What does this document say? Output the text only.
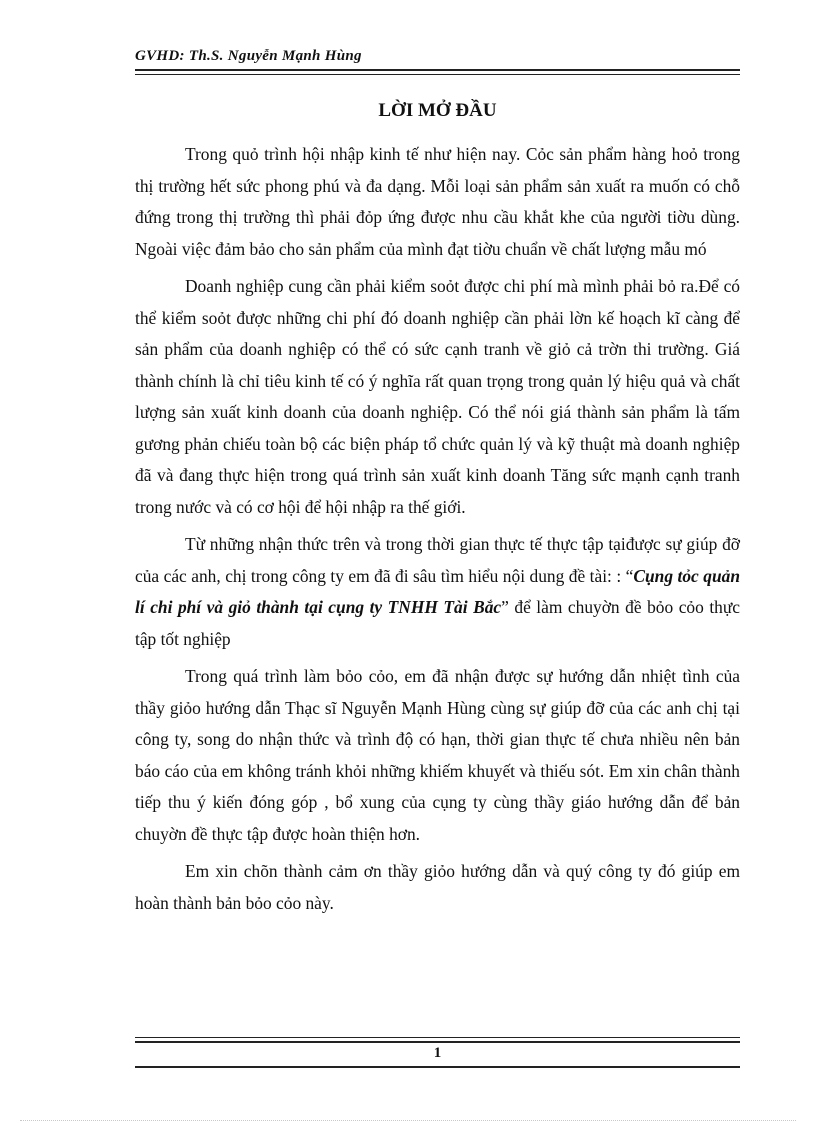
GVHD: Th.S. Nguyễn Mạnh Hùng
LỜI MỞ ĐẦU

Trong quỏ trình hội nhập kinh tế như hiện nay. Cỏc sản phẩm hàng hoỏ trong thị trường hết sức phong phú và đa dạng. Mỗi loại sản phẩm sản xuất ra muốn có chỗ đứng trong thị trường thì phải đỏp ứng được nhu cầu khắt khe của người tiờu dùng. Ngoài việc đảm bảo cho sản phẩm của mình đạt tiờu chuẩn về chất lượng mẫu mó

Doanh nghiệp cung cần phải kiểm soỏt được chi phí mà mình phải bỏ ra.Để có thể kiểm soỏt được những chi phí đó doanh nghiệp cần phải lờn kế hoạch kĩ càng để sản phẩm của doanh nghiệp có thể có sức cạnh tranh về giỏ cả trờn thi trường. Giá thành chính là chỉ tiêu kinh tế có ý nghĩa rất quan trọng trong quản lý hiệu quả và chất lượng sản xuất kinh doanh của doanh nghiệp. Có thể nói giá thành sản phẩm là tấm gương phản chiếu toàn bộ các biện pháp tổ chức quản lý và kỹ thuật mà doanh nghiệp đã và đang thực hiện trong quá trình sản xuất kinh doanh Tăng sức mạnh cạnh tranh trong nước và có cơ hội để hội nhập ra thế giới.

Từ những nhận thức trên và trong thời gian thực tế thực tập tạiđược sự giúp đỡ của các anh, chị trong công ty em đã đi sâu tìm hiểu nội dung đề tài: : “Cụng tỏc quản lí chi phí và giỏ thành tại cụng ty TNHH Tài Bắc” để làm chuyờn đề bỏo cỏo thực tập tốt nghiệp

Trong quá trình làm bỏo cỏo, em đã nhận được sự hướng dẫn nhiệt tình của thầy giỏo hướng dẫn Thạc sĩ Nguyễn Mạnh Hùng cùng sự giúp đỡ của các anh chị tại công ty, song do nhận thức và trình độ có hạn, thời gian thực tế chưa nhiều nên bản báo cáo của em không tránh khỏi những khiếm khuyết và thiếu sót. Em xin chân thành tiếp thu ý kiến đóng góp , bổ xung của cụng ty cùng thầy giáo hướng dẫn để bản chuyờn đề thực tập được hoàn thiện hơn.

Em xin chõn thành cảm ơn thầy giỏo hướng dẫn và quý công ty đó giúp em hoàn thành bản bỏo cỏo này.

1
